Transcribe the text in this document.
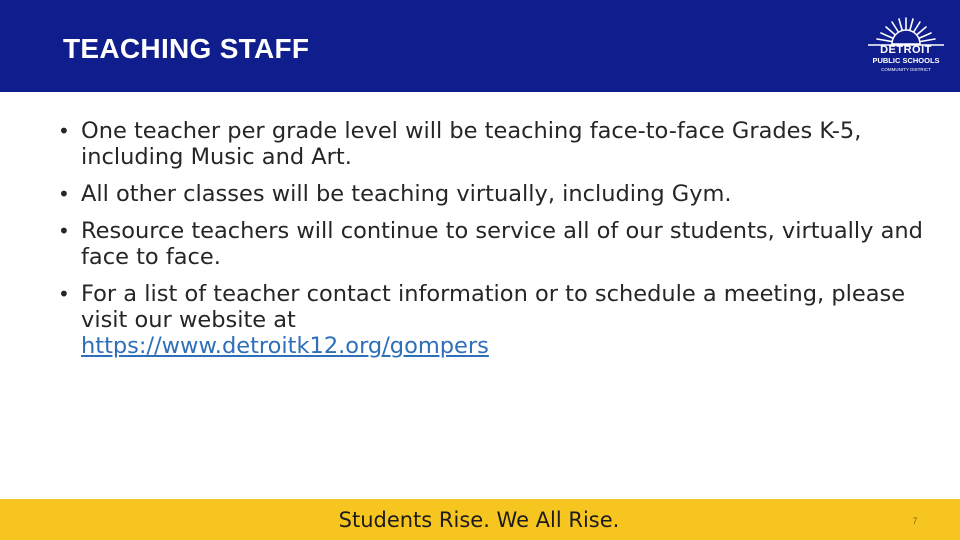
TEACHING STAFF	DETROIT
PUBLIC SCHOOLS
COMMUNITY DISTRICT
• One teacher per grade level will be teaching face-to-face Grades K-5, including Music and Art.
• All other classes will be teaching virtually, including Gym.
• Resource teachers will continue to service all of our students, virtually and face to face.
• For a list of teacher contact information or to schedule a meeting, please visit our website at
https://www.detroitk12.org/gompers
Students Rise. We All Rise.	7
